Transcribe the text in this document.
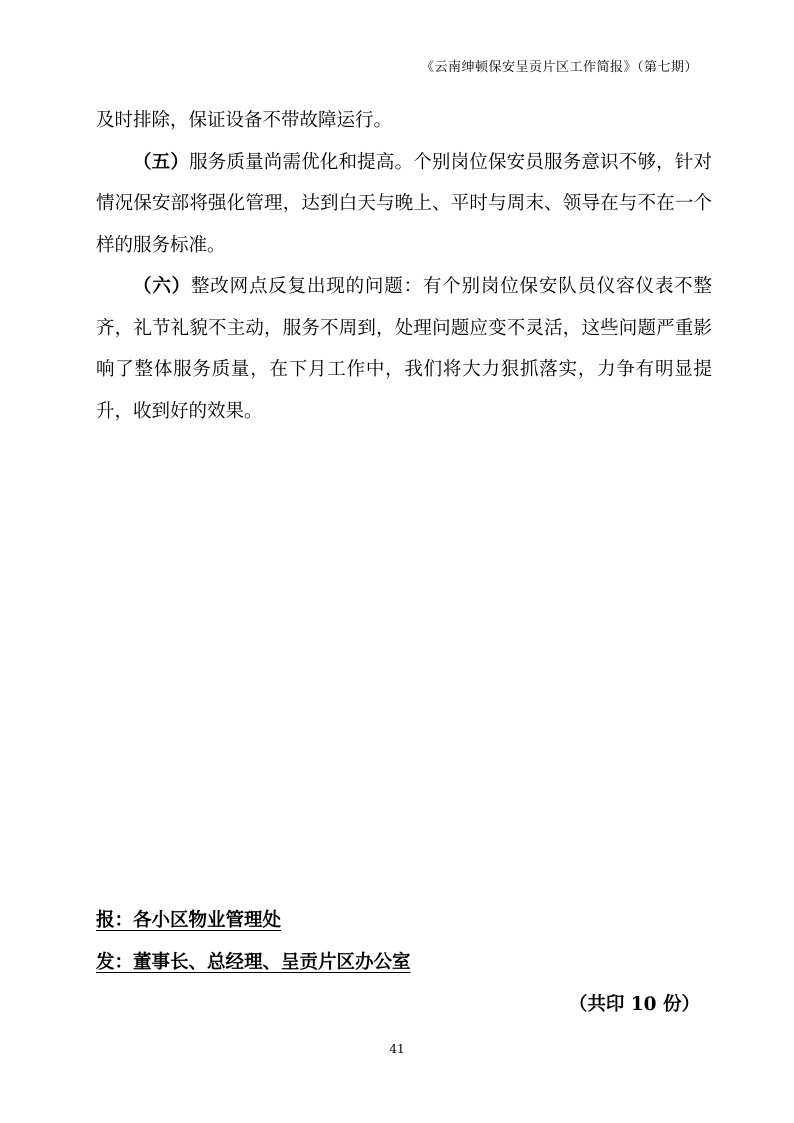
《云南绅顿保安呈贡片区工作简报》（第七期）

及时排除，保证设备不带故障运行。

（五）服务质量尚需优化和提高。个别岗位保安员服务意识不够，针对情况保安部将强化管理，达到白天与晚上、平时与周末、领导在与不在一个样的服务标准。

（六）整改网点反复出现的问题：有个别岗位保安队员仪容仪表不整齐，礼节礼貌不主动，服务不周到，处理问题应变不灵活，这些问题严重影响了整体服务质量，在下月工作中，我们将大力狠抓落实，力争有明显提升，收到好的效果。

报：各小区物业管理处
发：董事长、总经理、呈贡片区办公室
（共印 10 份）
41
